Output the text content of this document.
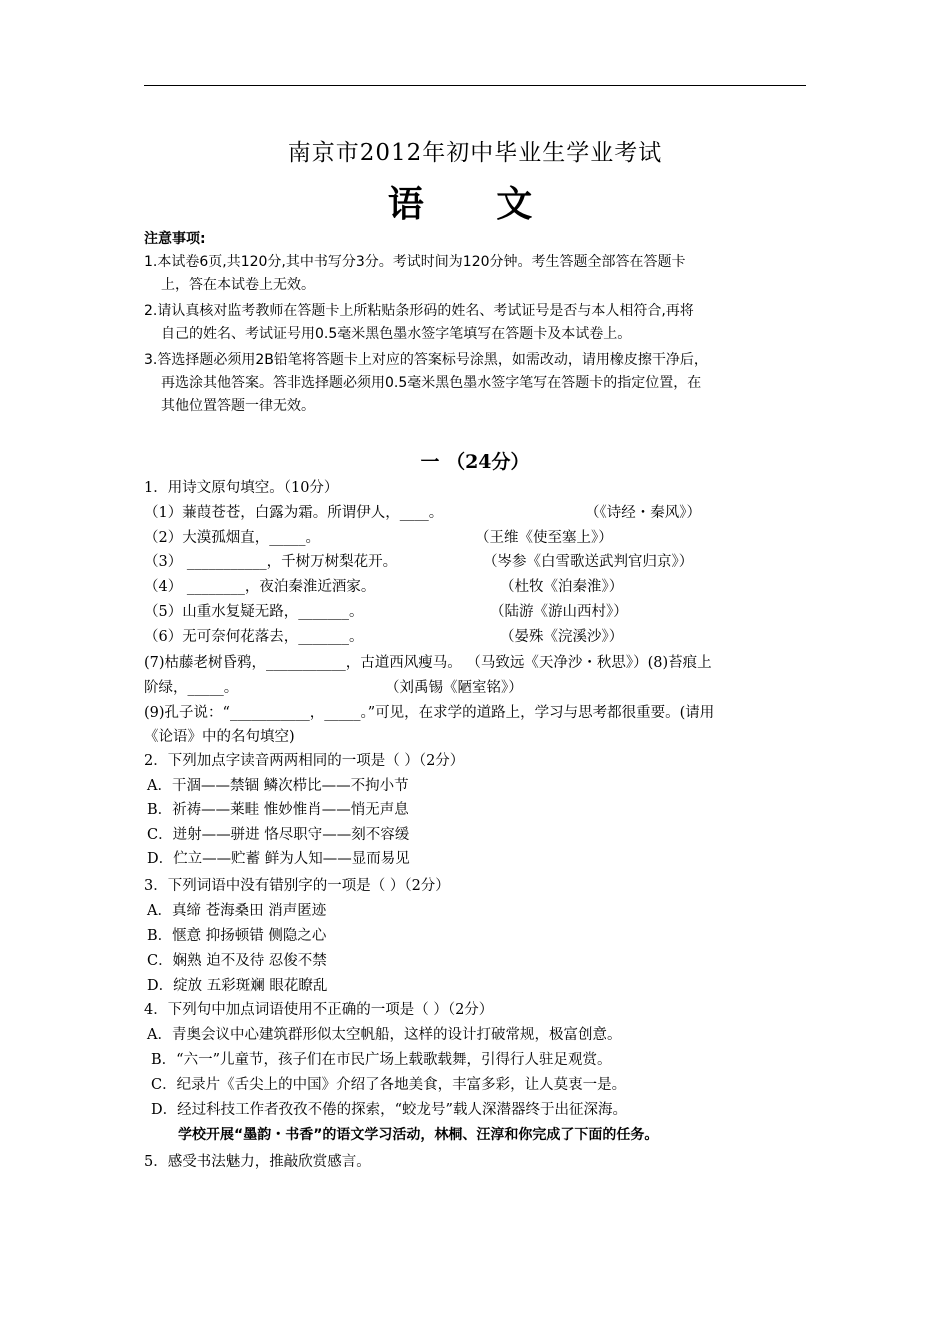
南京市2012年初中毕业生学业考试
语 文
注意事项:
1.本试卷6页,共120分,其中书写分3分。考试时间为120分钟。考生答题全部答在答题卡
上，答在本试卷上无效。
2.请认真核对监考教师在答题卡上所粘贴条形码的姓名、考试证号是否与本人相符合,再将
自己的姓名、考试证号用0.5毫米黑色墨水签字笔填写在答题卡及本试卷上。
3.答选择题必须用2B铅笔将答题卡上对应的答案标号涂黑，如需改动，请用橡皮擦干净后，
再选涂其他答案。答非选择题必须用0.5毫米黑色墨水签字笔写在答题卡的指定位置，在
其他位置答题一律无效。
一 （24分）
1．用诗文原句填空。（10分）
（1）蒹葭苍苍，白露为霜。所谓伊人，____。	（《诗经・秦风》）
（2）大漠孤烟直，_____。	（王维《使至塞上》）
（3） ___________，千树万树梨花开。	（岑参《白雪歌送武判官归京》）
（4） ________，夜泊秦淮近酒家。	（杜牧《泊秦淮》）
（5）山重水复疑无路，_______。	（陆游《游山西村》）
（6）无可奈何花落去，_______。	（晏殊《浣溪沙》）
(7)枯藤老树昏鸦，___________，古道西风瘦马。 （马致远《天净沙・秋思》）(8)苔痕上
阶绿，_____。	（刘禹锡《陋室铭》）
(9)孔子说：“___________，_____。”可见，在求学的道路上，学习与思考都很重要。(请用
《论语》中的名句填空)
2．下列加点字读音两两相同的一项是（ ）（2分）
A．干涸——禁锢 鳞次栉比——不拘小节
B．祈祷——莱畦 惟妙惟肖——悄无声息
C．迸射——骈进 恪尽职守——刻不容缓
D．伫立——贮蓄 鲜为人知——显而易见
3．下列词语中没有错别字的一项是（ ）（2分）
A．真缔 苍海桑田 消声匿迹
B．惬意 抑扬顿错 侧隐之心
C．娴熟 迫不及待 忍俊不禁
D．绽放 五彩斑斓 眼花瞭乱
4．下列句中加点词语使用不正确的一项是（ ）（2分）
A．青奥会议中心建筑群形似太空帆船，这样的设计打破常规，极富创意。
B．“六一”儿童节，孩子们在市民广场上载歌载舞，引得行人驻足观赏。
C．纪录片《舌尖上的中国》介绍了各地美食，丰富多彩，让人莫衷一是。
D．经过科技工作者孜孜不倦的探索，“蛟龙号”载人深潜器终于出征深海。
学校开展“墨韵・书香”的语文学习活动，林桐、汪淳和你完成了下面的任务。
5．感受书法魅力，推敲欣赏感言。
